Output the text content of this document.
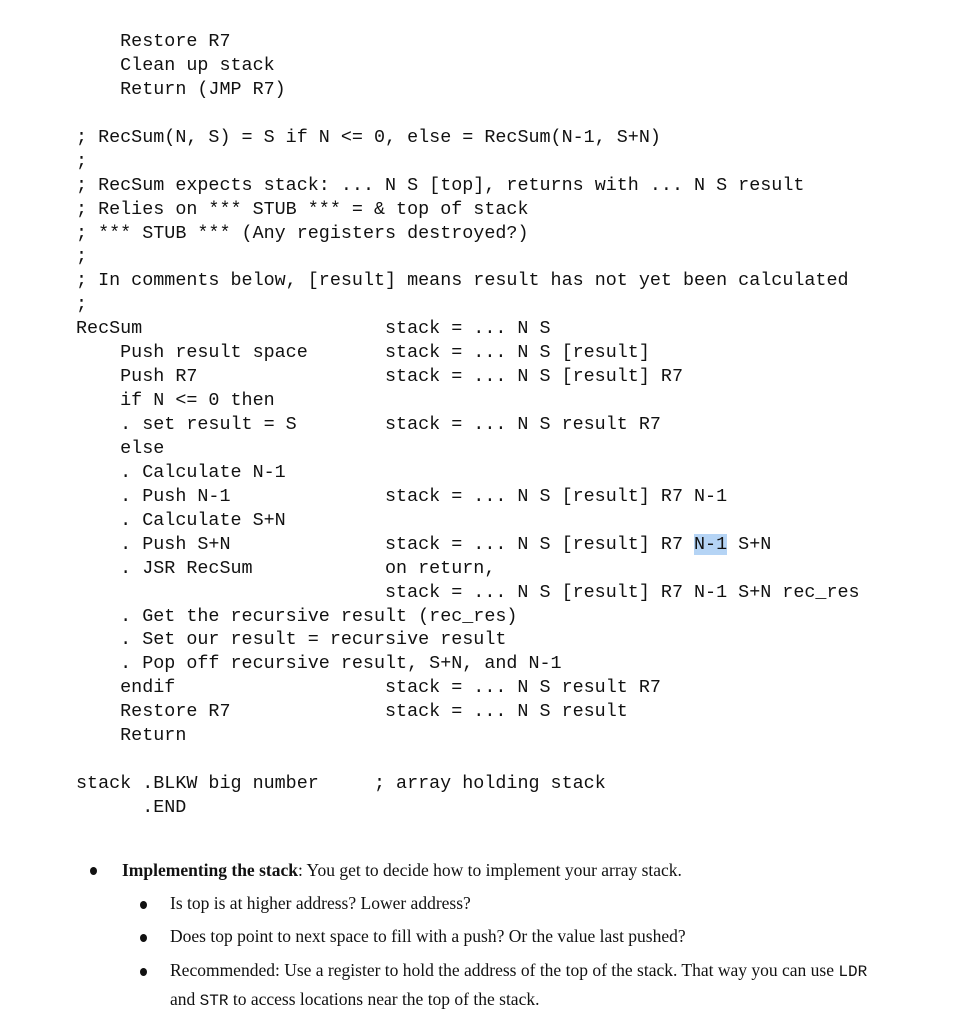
Restore R7
Clean up stack
Return (JMP R7)
; RecSum(N, S) = S if N <= 0, else = RecSum(N-1, S+N)
;
; RecSum expects stack: ... N S [top], returns with ... N S result
; Relies on *** STUB *** = & top of stack
; *** STUB *** (Any registers destroyed?)
;
; In comments below, [result] means result has not yet been calculated
;
RecSum	stack = ... N S
Push result space	stack = ... N S [result]
Push R7	stack = ... N S [result] R7
if N <= 0 then
. set result = S	stack = ... N S result R7
else
. Calculate N-1
. Push N-1	stack = ... N S [result] R7 N-1
. Calculate S+N
. Push S+N	stack = ... N S [result] R7 N-1 S+N
. JSR RecSum	on return,
stack = ... N S [result] R7 N-1 S+N rec_res
. Get the recursive result (rec_res)
. Set our result = recursive result
. Pop off recursive result, S+N, and N-1
endif	stack = ... N S result R7
Restore R7	stack = ... N S result
Return
stack .BLKW big number	; array holding stack
.END
Implementing the stack: You get to decide how to implement your array stack.
Is top is at higher address? Lower address?
Does top point to next space to fill with a push? Or the value last pushed?
Recommended: Use a register to hold the address of the top of the stack. That way you can use LDR
and STR to access locations near the top of the stack.
